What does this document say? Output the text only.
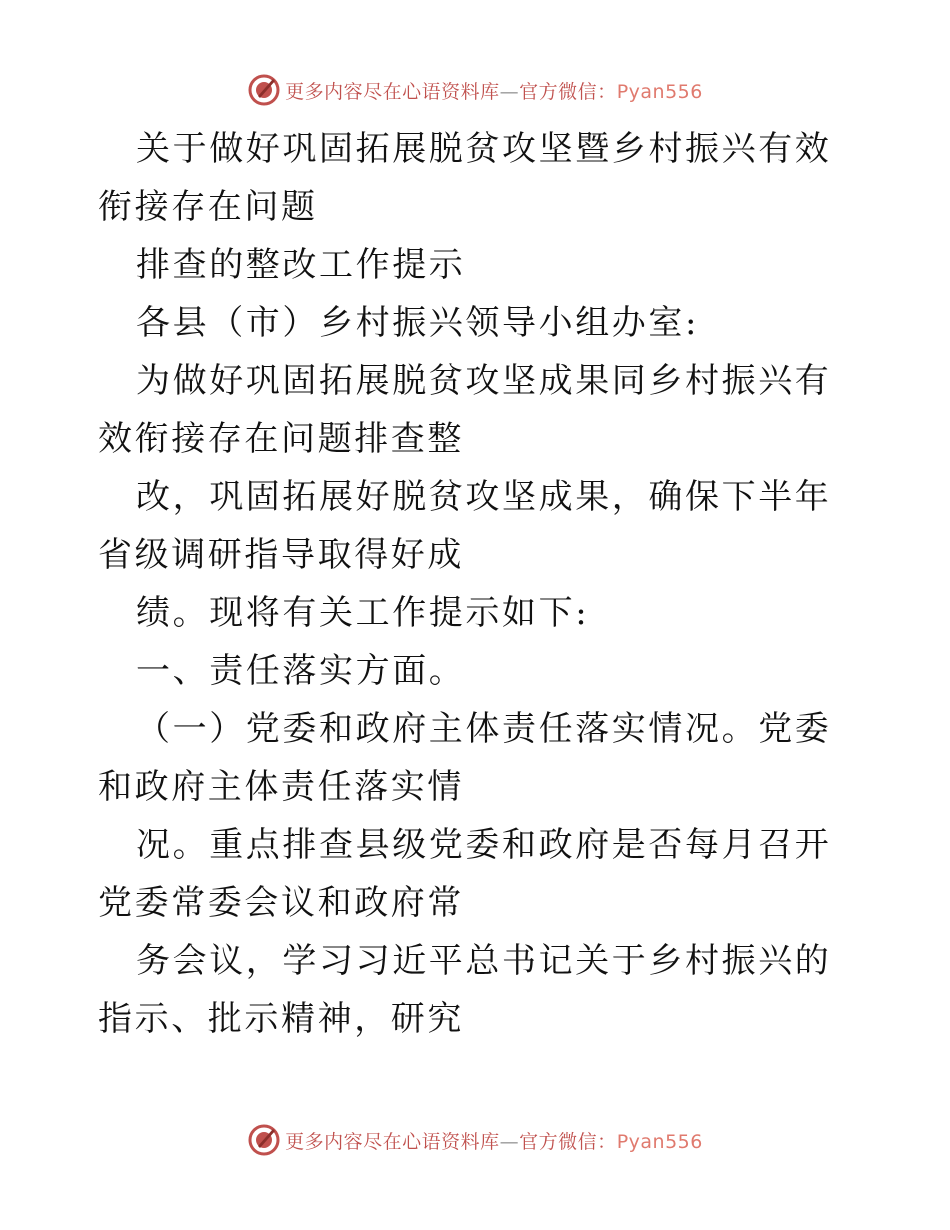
更多内容尽在心语资料库—官方微信：Pyan556

关于做好巩固拓展脱贫攻坚暨乡村振兴有效衔接存在问题

排查的整改工作提示

各县（市）乡村振兴领导小组办室:

为做好巩固拓展脱贫攻坚成果同乡村振兴有效衔接存在问题排查整

改，巩固拓展好脱贫攻坚成果，确保下半年省级调研指导取得好成

绩。现将有关工作提示如下:

一、责任落实方面。

（一）党委和政府主体责任落实情况。党委和政府主体责任落实情

况。重点排查县级党委和政府是否每月召开党委常委会议和政府常

务会议，学习习近平总书记关于乡村振兴的指示、批示精神，研究

更多内容尽在心语资料库—官方微信：Pyan556
